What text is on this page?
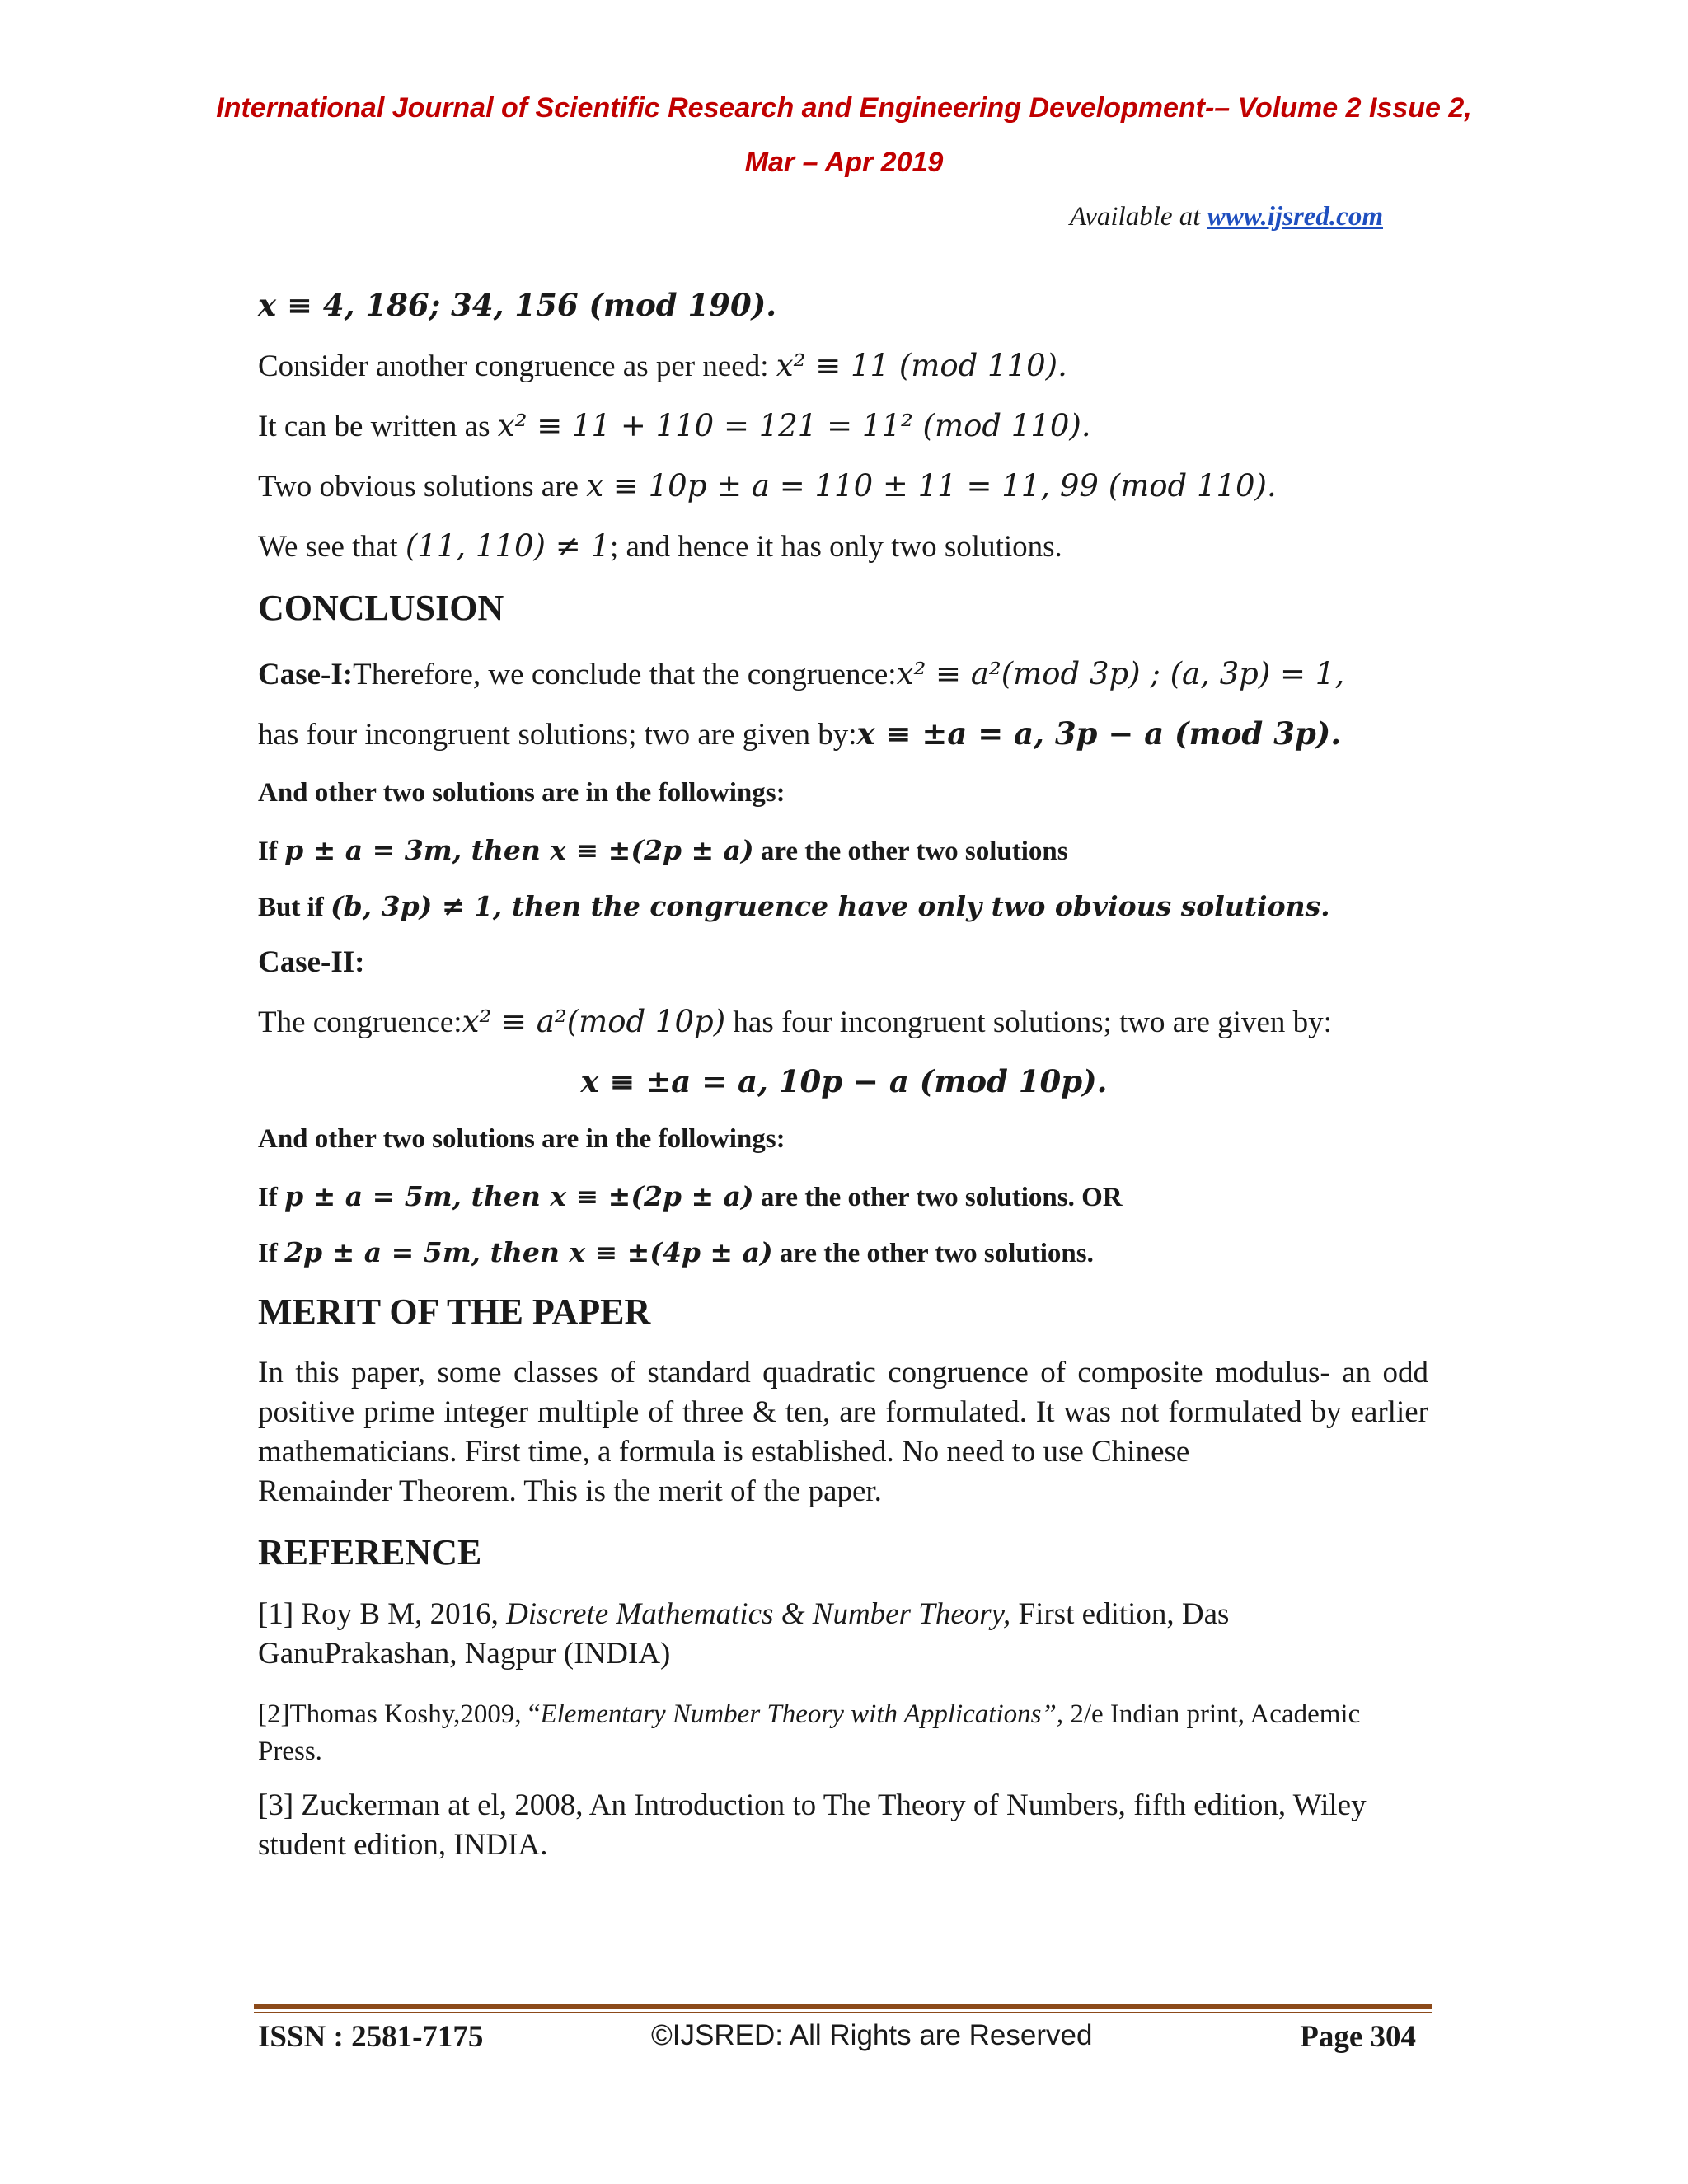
International Journal of Scientific Research and Engineering Development-– Volume 2 Issue 2,
Mar – Apr 2019
Available at www.ijsred.com
x ≡ 4, 186; 34, 156 (mod 190).
Consider another congruence as per need: x² ≡ 11 (mod 110).
It can be written as x² ≡ 11 + 110 = 121 = 11² (mod 110).
Two obvious solutions are x ≡ 10p ± a = 110 ± 11 = 11, 99 (mod 110).
We see that (11, 110) ≠ 1; and hence it has only two solutions.
CONCLUSION
Case-I:Therefore, we conclude that the congruence:x² ≡ a²(mod 3p) ; (a, 3p) = 1,
has four incongruent solutions; two are given by:x ≡ ±a = a, 3p − a (mod 3p).
And other two solutions are in the followings:
If p ± a = 3m, then x ≡ ±(2p ± a) are the other two solutions
But if (b, 3p) ≠ 1, then the congruence have only two obvious solutions.
Case-II:
The congruence:x² ≡ a²(mod 10p) has four incongruent solutions; two are given by:
x ≡ ±a = a, 10p − a (mod 10p).
And other two solutions are in the followings:
If p ± a = 5m, then x ≡ ±(2p ± a) are the other two solutions. OR
If 2p ± a = 5m, then x ≡ ±(4p ± a) are the other two solutions.
MERIT OF THE PAPER
In this paper, some classes of standard quadratic congruence of composite modulus- an odd positive prime integer multiple of three & ten, are formulated. It was not formulated by earlier mathematicians. First time, a formula is established. No need to use Chinese
Remainder Theorem. This is the merit of the paper.
REFERENCE
[1] Roy B M, 2016, Discrete Mathematics & Number Theory, First edition, Das
GanuPrakashan, Nagpur (INDIA)
[2]Thomas Koshy,2009, “Elementary Number Theory with Applications”, 2/e Indian print, Academic
Press.
[3] Zuckerman at el, 2008, An Introduction to The Theory of Numbers, fifth edition, Wiley
student edition, INDIA.
ISSN : 2581-7175	©IJSRED: All Rights are Reserved	Page 304
